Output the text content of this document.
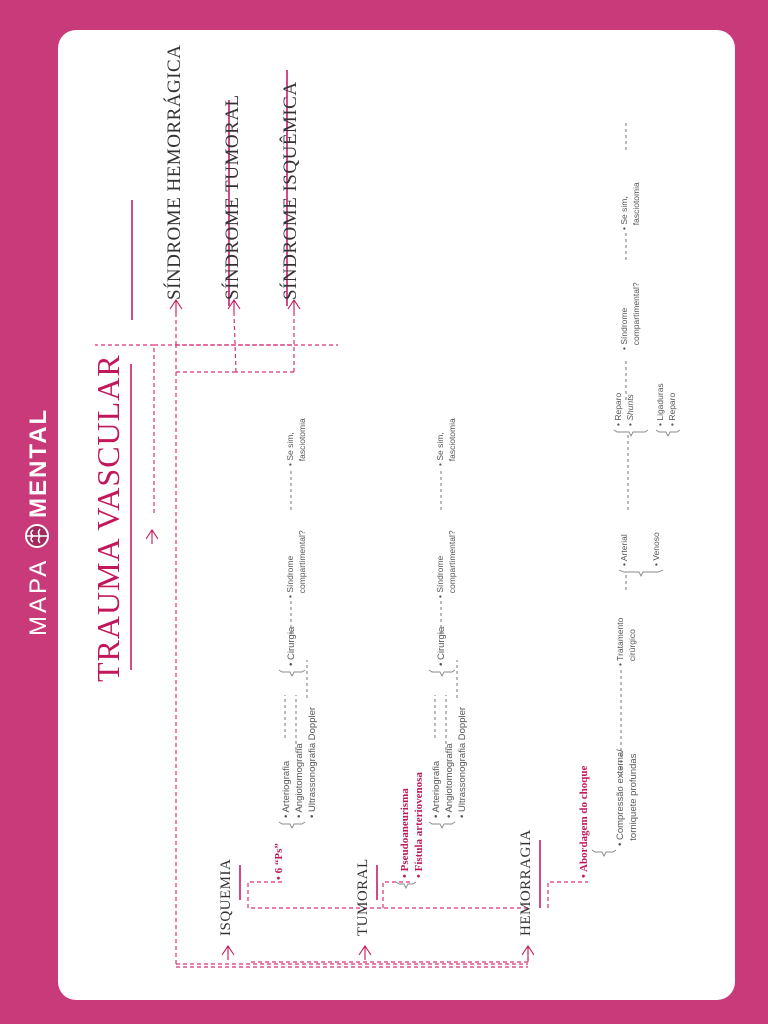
MAPA
MENTAL TRAUMA VASCULAR
SÍNDROME HEMORRÁGICA SÍNDROME TUMORAL SÍNDROME ISQUÊMICA
ISQUEMIA	TUMORAL	HEMORRAGIA
• 6 “Ps”
• Arteriografia
• Angiotomografia
• Ultrassonografia Doppler
• Cirurgia
• Síndrome compartimental?
• Se sim, fasciotomia
• Pseudoaneurisma
• Fístula arteriovenosa • Arteriografia
• Angiotomografia
• Ultrassonografia Doppler
• Cirurgia
• Síndrome compartimental?
• Se sim, fasciotomia
• Abordagem do choque	• Compressão externa/ torniquete profundas
• Tratamento cirúrgico
• Arterial
• Venoso
• Reparo
• Shunts
• Ligaduras
• Reparo
• Síndrome compartimental?
• Se sim, fasciotomia
